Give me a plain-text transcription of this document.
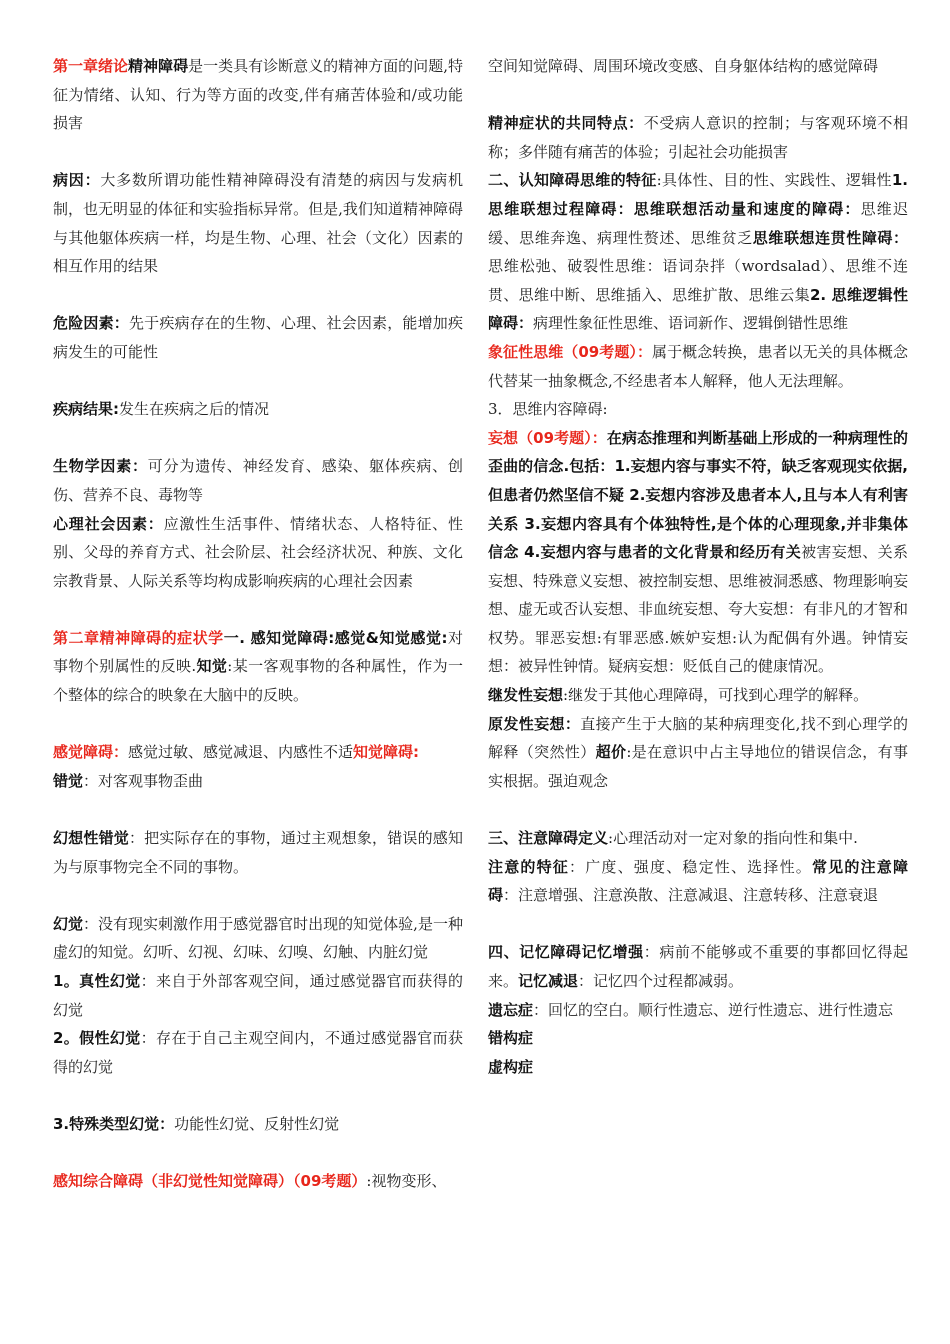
第一章绪论精神障碍是一类具有诊断意义的精神方面的问题,特征为情绪、认知、行为等方面的改变,伴有痛苦体验和/或功能损害

病因：大多数所谓功能性精神障碍没有清楚的病因与发病机制，也无明显的体征和实验指标异常。但是,我们知道精神障碍与其他躯体疾病一样，均是生物、心理、社会（文化）因素的相互作用的结果

危险因素：先于疾病存在的生物、心理、社会因素，能增加疾病发生的可能性

疾病结果:发生在疾病之后的情况

生物学因素：可分为遗传、神经发育、感染、躯体疾病、创伤、营养不良、毒物等

心理社会因素：应激性生活事件、情绪状态、人格特征、性别、父母的养育方式、社会阶层、社会经济状况、种族、文化宗教背景、人际关系等均构成影响疾病的心理社会因素

第二章精神障碍的症状学一. 感知觉障碍:感觉&知觉感觉:对事物个别属性的反映.知觉:某一客观事物的各种属性，作为一个整体的综合的映象在大脑中的反映。

感觉障碍：感觉过敏、感觉减退、内感性不适知觉障碍:
错觉：对客观事物歪曲

幻想性错觉：把实际存在的事物，通过主观想象，错误的感知为与原事物完全不同的事物。

幻觉：没有现实刺激作用于感觉器官时出现的知觉体验,是一种虚幻的知觉。幻听、幻视、幻味、幻嗅、幻触、内脏幻觉

1。真性幻觉：来自于外部客观空间，通过感觉器官而获得的幻觉

2。假性幻觉：存在于自己主观空间内，不通过感觉器官而获得的幻觉

3.特殊类型幻觉：功能性幻觉、反射性幻觉

感知综合障碍（非幻觉性知觉障碍）（09考题）:视物变形、

空间知觉障碍、周围环境改变感、自身躯体结构的感觉障碍

精神症状的共同特点：不受病人意识的控制；与客观环境不相称；多伴随有痛苦的体验；引起社会功能损害

二、认知障碍思维的特征:具体性、目的性、实践性、逻辑性1. 思维联想过程障碍：思维联想活动量和速度的障碍：思维迟缓、思维奔逸、病理性赘述、思维贫乏思维联想连贯性障碍：思维松弛、破裂性思维：语词杂拌（wordsalad）、思维不连贯、思维中断、思维插入、思维扩散、思维云集2. 思维逻辑性障碍：病理性象征性思维、语词新作、逻辑倒错性思维

象征性思维（09考题）：属于概念转换，患者以无关的具体概念代替某一抽象概念,不经患者本人解释，他人无法理解。

3．思维内容障碍:

妄想（09考题）：在病态推理和判断基础上形成的一种病理性的歪曲的信念.包括：1.妄想内容与事实不符，缺乏客观现实依据,但患者仍然坚信不疑 2.妄想内容涉及患者本人,且与本人有利害关系 3.妄想内容具有个体独特性,是个体的心理现象,并非集体信念 4.妄想内容与患者的文化背景和经历有关被害妄想、关系妄想、特殊意义妄想、被控制妄想、思维被洞悉感、物理影响妄想、虚无或否认妄想、非血统妄想、夸大妄想：有非凡的才智和权势。罪恶妄想:有罪恶感.嫉妒妄想:认为配偶有外遇。钟情妄想：被异性钟情。疑病妄想：贬低自己的健康情况。

继发性妄想:继发于其他心理障碍，可找到心理学的解释。

原发性妄想：直接产生于大脑的某种病理变化,找不到心理学的解释（突然性）超价:是在意识中占主导地位的错误信念，有事实根据。强迫观念

三、注意障碍定义:心理活动对一定对象的指向性和集中.
注意的特征：广度、强度、稳定性、选择性。常见的注意障碍：注意增强、注意涣散、注意减退、注意转移、注意衰退

四、记忆障碍记忆增强：病前不能够或不重要的事都回忆得起来。记忆减退：记忆四个过程都减弱。

遗忘症：回忆的空白。顺行性遗忘、逆行性遗忘、进行性遗忘

错构症

虚构症
